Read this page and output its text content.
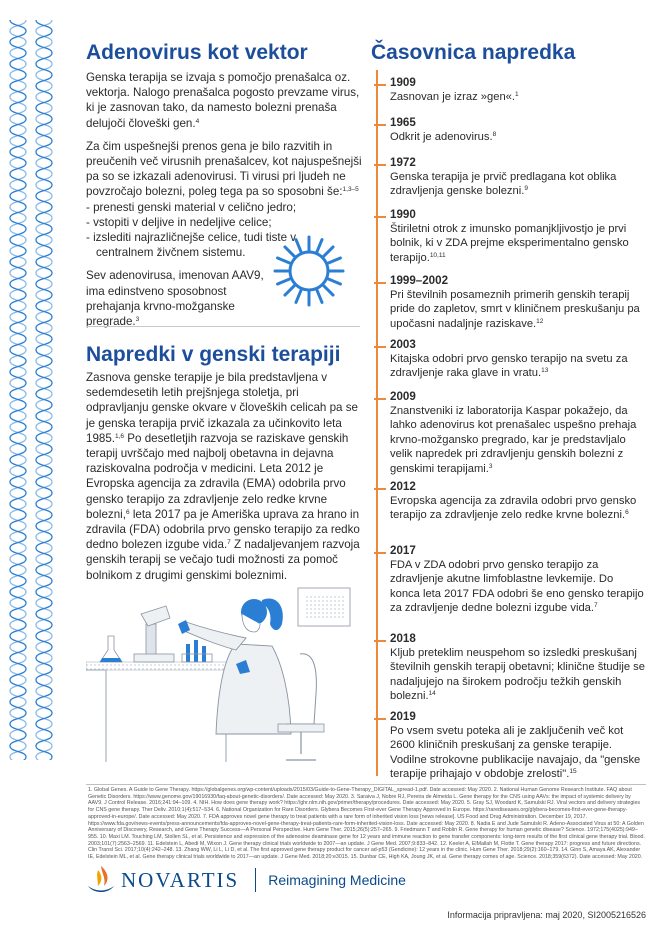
Adenovirus kot vektor

Genska terapija se izvaja s pomočjo prenašalca oz. vektorja. Nalogo prenašalca pogosto prevzame virus, ki je zasnovan tako, da namesto bolezni prenaša delujoči človeški gen.$^4$

Za čim uspešnejši prenos gena je bilo razvitih in preučenih več virusnih prenašalcev, kot najuspešnejši pa so se izkazali adenovirusi. Ti virusi pri ljudeh ne povzročajo bolezni, poleg tega pa so sposobni še:$^{1,3-5}$

- prenesti genski material v celično jedro;
- vstopiti v deljive in nedeljive celice;
- izslediti najrazličnejše celice, tudi tiste v centralnem živčnem sistemu.

Sev adenovirusa, imenovan AAV9, ima edinstveno sposobnost prehajanja krvno-možganske pregrade.$^3$

Napredki v genski terapiji

Zasnova genske terapije je bila predstavljena v sedemdesetih letih prejšnjega stoletja, pri odpravljanju genske okvare v človeških celicah pa se je genska terapija prvič izkazala za učinkovito leta 1985.$^{1,6}$ Po desetletjih razvoja se raziskave genskih terapij uvrščajo med najbolj obetavna in dejavna raziskovalna področja v medicini. Leta 2012 je Evropska agencija za zdravila (EMA) odobrila prvo gensko terapijo za zdravljenje zelo redke krvne bolezni,$^6$ leta 2017 pa je Ameriška uprava za hrano in zdravila (FDA) odobrila prvo gensko terapijo za redko dedno bolezen izgube vida.$^7$ Z nadaljevanjem razvoja genskih terapij se večajo tudi možnosti za pomoč bolnikom z drugimi genskimi boleznimi.

Časovnica napredka
1909
Zasnovan je izraz »gen«.$^1$
1965
Odkrit je adenovirus.$^8$
1972
Genska terapija je prvič predlagana kot oblika zdravljenja genske bolezni.$^9$
1990
Štiriletni otrok z imunsko pomanjkljivostjo je prvi bolnik, ki v ZDA prejme eksperimentalno gensko terapijo.$^{10,11}$
1999–2002
Pri številnih posameznih primerih genskih terapij pride do zapletov, smrt v kliničnem preskušanju pa upočasni nadaljnje raziskave.$^{12}$
2003
Kitajska odobri prvo gensko terapijo na svetu za zdravljenje raka glave in vratu.$^{13}$
2009
Znanstveniki iz laboratorija Kaspar pokažejo, da lahko adenovirus kot prenašalec uspešno prehaja krvno-možgansko pregrado, kar je predstavljalo velik napredek pri zdravljenju genskih bolezni z genskimi terapijami.$^3$
2012
Evropska agencija za zdravila odobri prvo gensko terapijo za zdravljenje zelo redke krvne bolezni.$^6$
2017
FDA v ZDA odobri prvo gensko terapijo za zdravljenje akutne limfoblastne levkemije. Do konca leta 2017 FDA odobri še eno gensko terapijo za zdravljenje dedne bolezni izgube vida.$^7$
2018
Kljub preteklim neuspehom so izsledki preskušanj številnih genskih terapij obetavni; klinične študije se nadaljujejo na širokem področju težkih genskih bolezni.$^{14}$
2019
Po vsem svetu poteka ali je zaključenih več kot 2600 kliničnih preskušanj za genske terapije. Vodilne strokovne publikacije navajajo, da "genske terapije prihajajo v obdobje zrelosti".$^{15}$
1. Global Genes. A Guide to Gene Therapy. https://globalgenes.org/wp-content/uploads/2015/03/Guide-to-Gene-Therapy_DIGITAL_spread-1.pdf. Date accessed: May 2020. 2. National Human Genome Research Institute. FAQ about Genetic Disorders. https://www.genome.gov/19016930/faq-about-genetic-disorders/. Date accessed: May 2020. 3. Saraiva J, Nobre RJ, Pereira de Almeida L. Gene therapy for the CNS using AAVs: the impact of systemic delivery by AAV9. J Control Release. 2016;241:94–109. 4. NIH. How does gene therapy work? https://ghr.nlm.nih.gov/primer/therapy/procedures. Date accessed: May 2020. 5. Gray SJ, Woodard K, Samulski RJ. Viral vectors and delivery strategies for CNS gene therapy. Ther Deliv. 2010;1(4):517–534. 6. National Organization for Rare Disorders. Glybera Becomes First-ever Gene Therapy Approved in Europe. https://rarediseases.org/glybera-becomes-first-ever-gene-therapy-approved-in-europe/. Date accessed: May 2020. 7. FDA approves novel gene therapy to treat patients with a rare form of inherited vision loss [news release]. US Food and Drug Administration. December 19, 2017. https://www.fda.gov/news-events/press-announcements/fda-approves-novel-gene-therapy-treat-patients-rare-form-inherited-vision-loss. Date accessed: May 2020. 8. Nadia E and Jude Samulski R. Adeno-Associated Virus at 50: A Golden Anniversary of Discovery, Research, and Gene Therapy Success—A Personal Perspective. Hum Gene Ther. 2015;26(5):257–265. 9. Friedmann T and Roblin R. Gene therapy for human genetic disease? Science. 1972;175(4025):949–955. 10. Maxi LM. Touching LM, Stollen SL, et al. Persistence and expression of the adenosine deaminase gene for 12 years and immune reaction to gene transfer components: long-term results of the first clinical gene therapy trial. Blood. 2003;101(7):2563–2569. 11. Edelstein L, Abedi M, Wixon J. Gene therapy clinical trials worldwide to 2007—an update. J Gene Med. 2007;9:833–842. 12. Keeler A, ElMallah M, Flotte T. Gene therapy 2017: progress and future directions. Clin Transl Sci. 2017;10(4):242–248. 13. Zhang WW, Li L, Li D, et al. The first approved gene therapy product for cancer ad-p53 (Gendicine): 12 years in the clinic. Hum Gene Ther. 2018;29(2):160–179. 14. Ginn S, Amaya AK, Alexander IE, Edelstein ML, et al. Gene therapy clinical trials worldwide to 2017—an update. J Gene Med. 2018;20:e3015. 15. Dunbar CE, High KA, Joung JK, et al. Gene therapy comes of age. Science. 2018;359(6372). Date accessed: May 2020.
NOVARTIS Reimagining Medicine
Informacija pripravljena: maj 2020, SI2005216526
